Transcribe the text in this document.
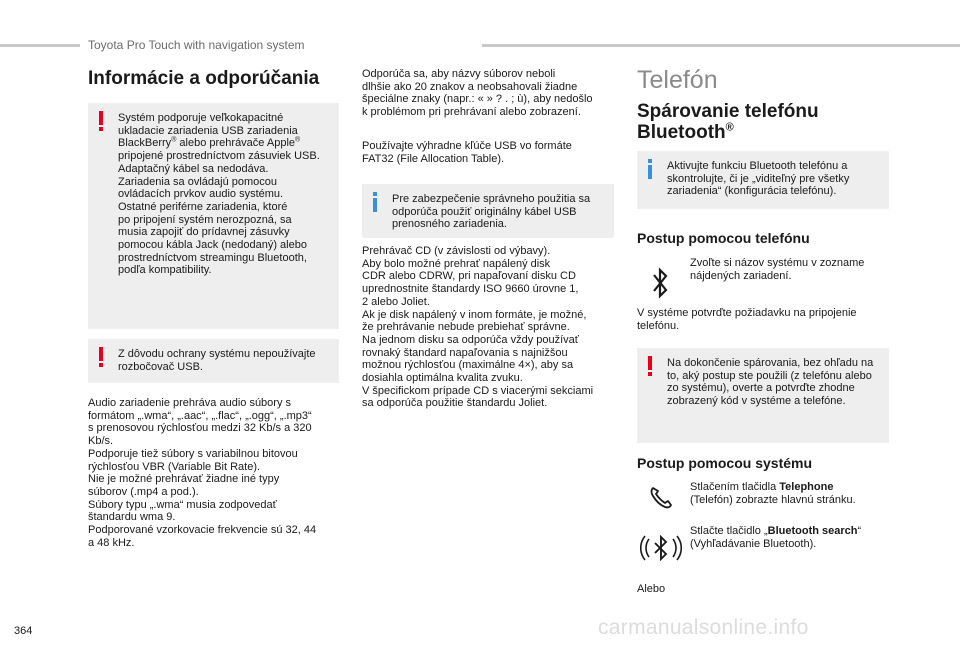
Toyota Pro Touch with navigation system
Informácie a odporúčania
Systém podporuje veľkokapacitné
ukladacie zariadenia USB zariadenia
BlackBerry® alebo prehrávače Apple®
pripojené prostredníctvom zásuviek USB.
Adaptačný kábel sa nedodáva.
Zariadenia sa ovládajú pomocou
ovládacích prvkov audio systému.
Ostatné periférne zariadenia, ktoré
po pripojení systém nerozpozná, sa
musia zapojiť do prídavnej zásuvky
pomocou kábla Jack (nedodaný) alebo
prostredníctvom streamingu Bluetooth,
podľa kompatibility.
Z dôvodu ochrany systému nepoužívajte
rozbočovač USB.
Audio zariadenie prehráva audio súbory s
formátom „.wma“, „.aac“, „.flac“, „.ogg“, „.mp3“
s prenosovou rýchlosťou medzi 32 Kb/s a 320
Kb/s.
Podporuje tiež súbory s variabilnou bitovou
rýchlosťou VBR (Variable Bit Rate).
Nie je možné prehrávať žiadne iné typy
súborov (.mp4 a pod.).
Súbory typu „.wma“ musia zodpovedať
štandardu wma 9.
Podporované vzorkovacie frekvencie sú 32, 44
a 48 kHz.
Odporúča sa, aby názvy súborov neboli
dlhšie ako 20 znakov a neobsahovali žiadne
špeciálne znaky (napr.: « » ? . ; ù), aby nedošlo
k problémom pri prehrávaní alebo zobrazení.
Používajte výhradne kľúče USB vo formáte
FAT32 (File Allocation Table).
Pre zabezpečenie správneho použitia sa
odporúča použiť originálny kábel USB
prenosného zariadenia.
Prehrávač CD (v závislosti od výbavy).
Aby bolo možné prehrať napálený disk
CDR alebo CDRW, pri napaľovaní disku CD
uprednostnite štandardy ISO 9660 úrovne 1,
2 alebo Joliet.
Ak je disk napálený v inom formáte, je možné,
že prehrávanie nebude prebiehať správne.
Na jednom disku sa odporúča vždy používať
rovnaký štandard napaľovania s najnižšou
možnou rýchlosťou (maximálne 4×), aby sa
dosiahla optimálna kvalita zvuku.
V špecifickom prípade CD s viacerými sekciami
sa odporúča použitie štandardu Joliet.
Telefón
Spárovanie telefónu
Bluetooth®
Aktivujte funkciu Bluetooth telefónu a
skontrolujte, či je „viditeľný pre všetky
zariadenia“ (konfigurácia telefónu).
Postup pomocou telefónu
Zvoľte si názov systému v zozname
nájdených zariadení.
V systéme potvrďte požiadavku na pripojenie
telefónu.
Na dokončenie spárovania, bez ohľadu na
to, aký postup ste použili (z telefónu alebo
zo systému), overte a potvrďte zhodne
zobrazený kód v systéme a telefóne.
Postup pomocou systému
Stlačením tlačidla Telephone
(Telefón) zobrazte hlavnú stránku.
Stlačte tlačidlo „Bluetooth search“
(Vyhľadávanie Bluetooth).
Alebo
364	carmanualsonline.info
